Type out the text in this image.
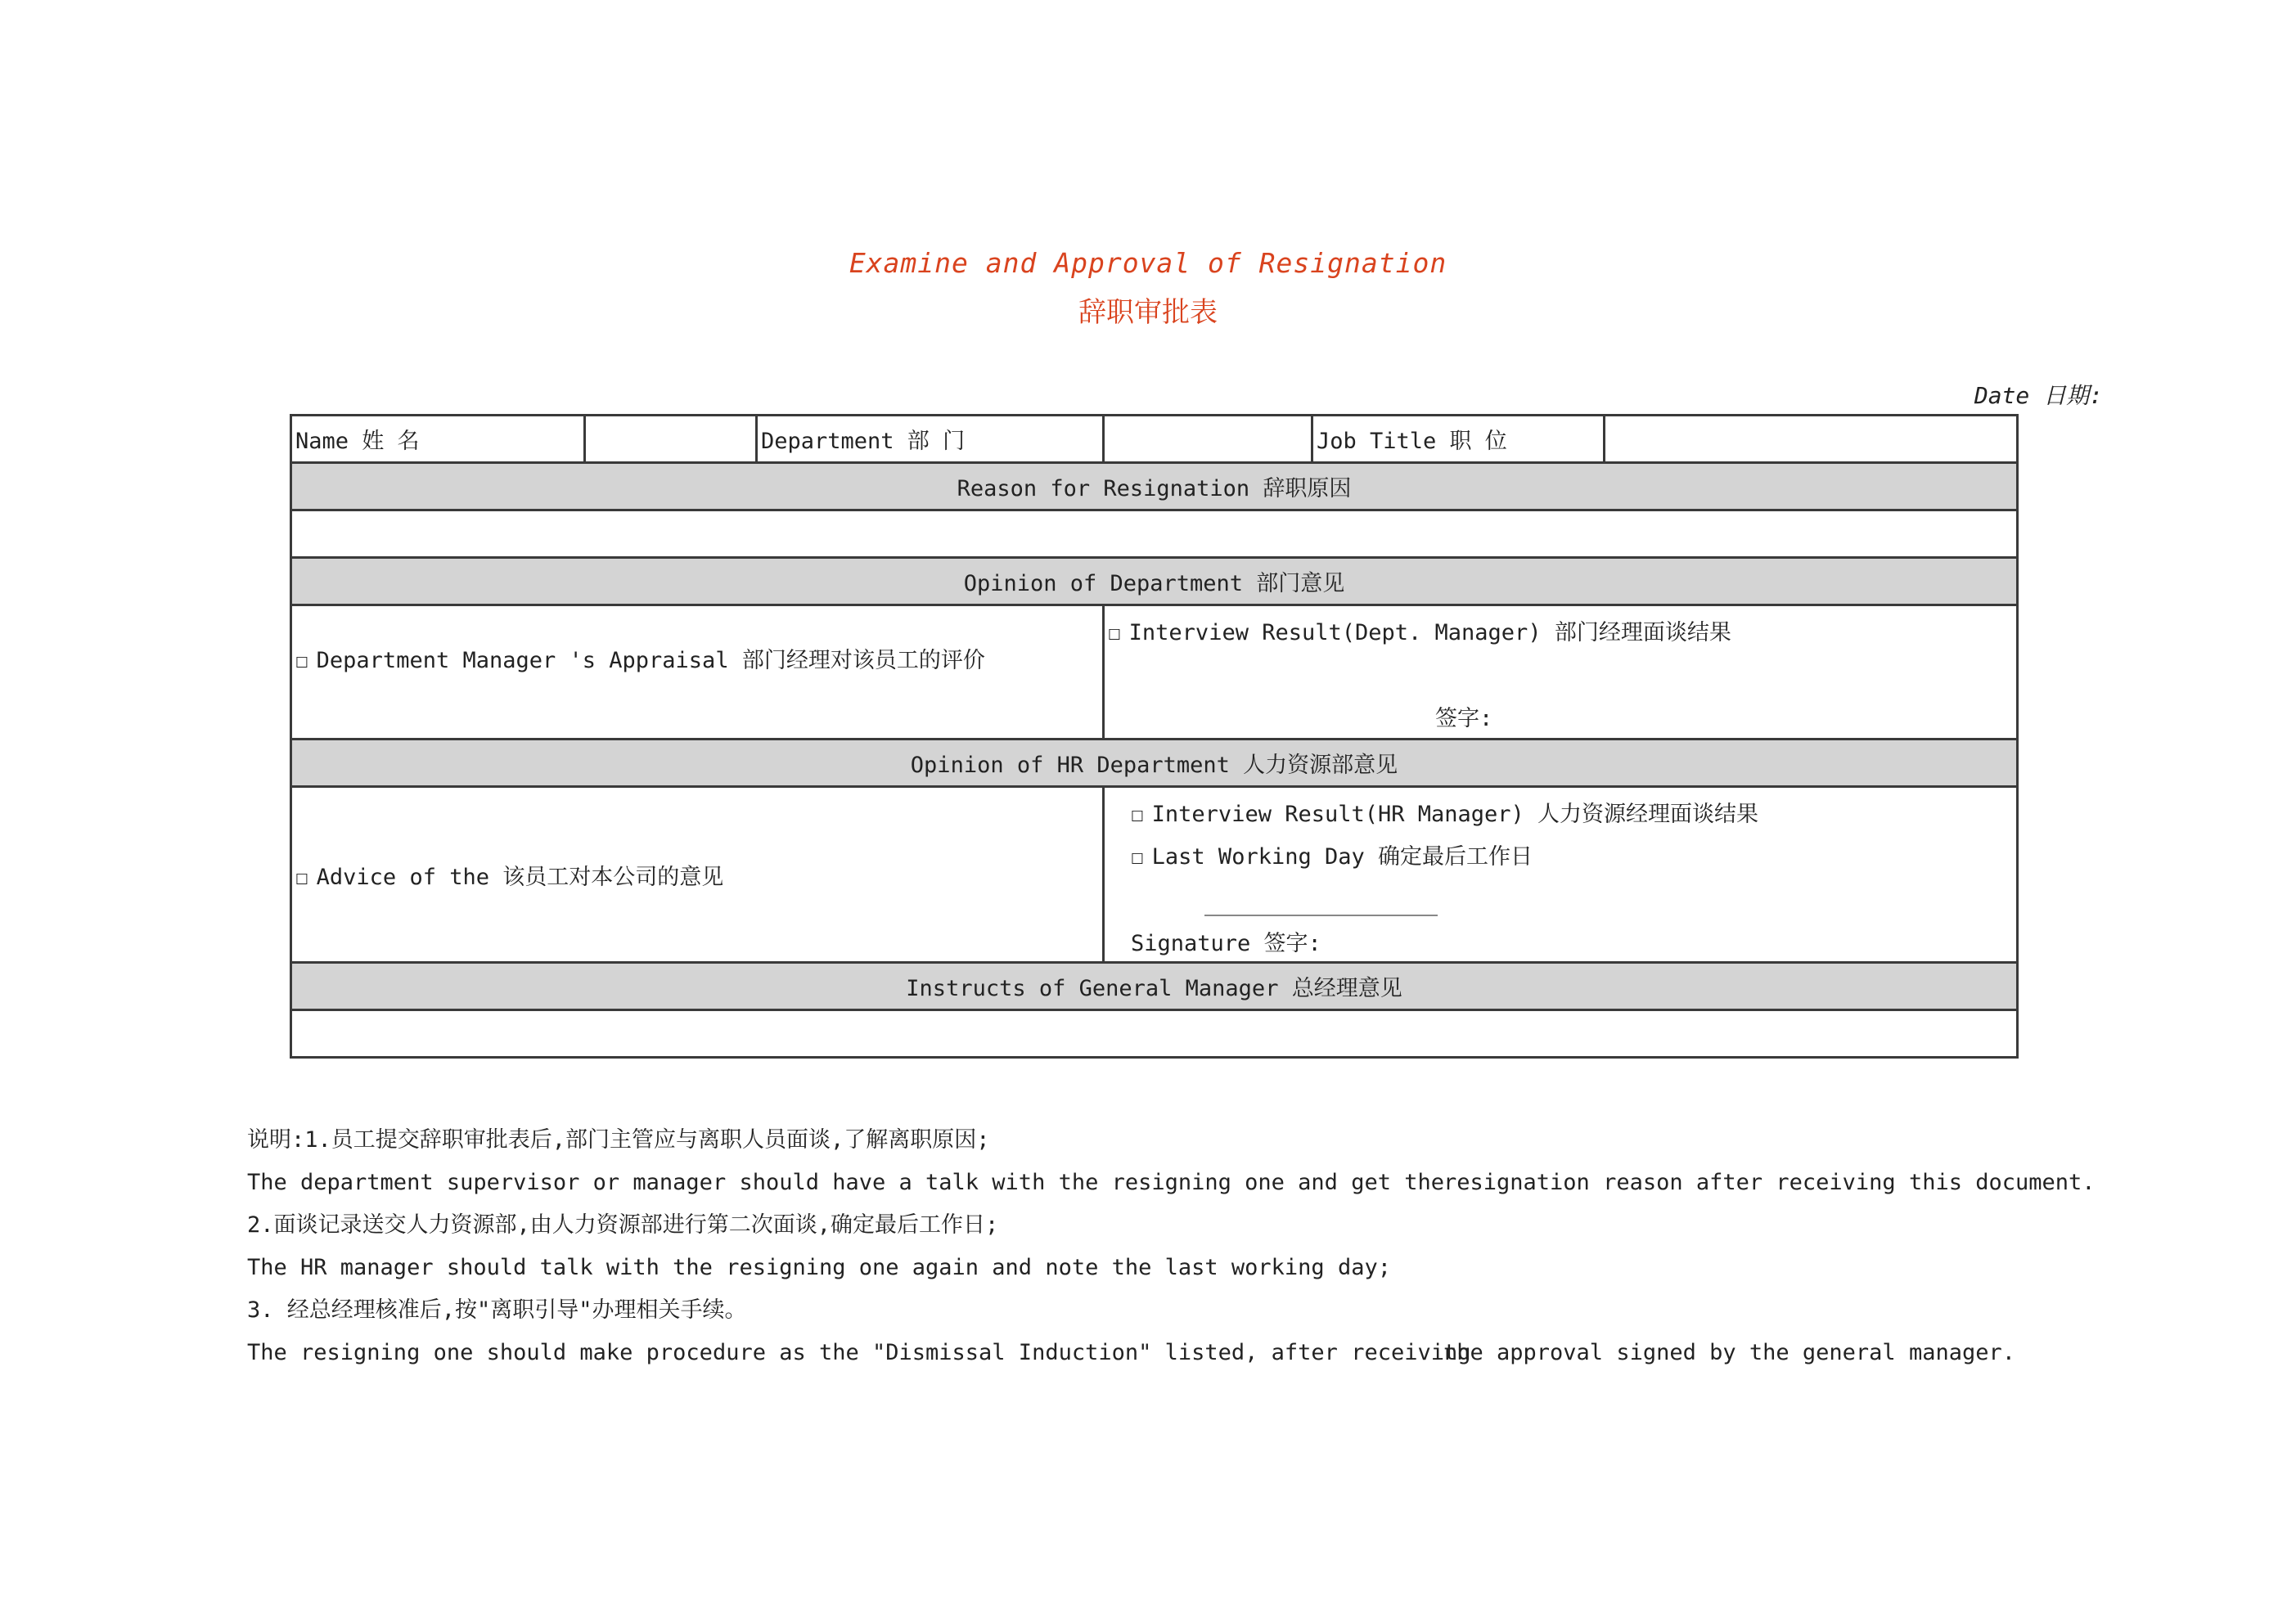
Examine and Approval of Resignation
辞职审批表
Date 日期:
Name 姓 名		Department 部 门		Job Title 职 位	
Reason for Resignation 辞职原因					

Opinion of Department 部门意见					

☐ Department Manager 's Appraisal 部门经理对该员工的评价			☐ Interview Result(Dept. Manager) 部门经理面谈结果
签字:		

Opinion of HR Department 人力资源部意见					
☐ Advice of the 该员工对本公司的意见			☐ Interview Result(HR Manager) 人力资源经理面谈结果
☐ Last Working Day 确定最后工作日
Signature 签字:		

Instructs of General Manager 总经理意见					

说明:1.员工提交辞职审批表后,部门主管应与离职人员面谈,了解离职原因;
The department supervisor or manager should have a talk with the resigning one and get the resignation reason after receiving this document.
2.面谈记录送交人力资源部,由人力资源部进行第二次面谈,确定最后工作日;
The HR manager should talk with the resigning one again and note the last working day;
3. 经总经理核准后,按"离职引导"办理相关手续。
The resigning one should make procedure as the "Dismissal Induction" listed, after receiving
the approval signed by the general manager.
